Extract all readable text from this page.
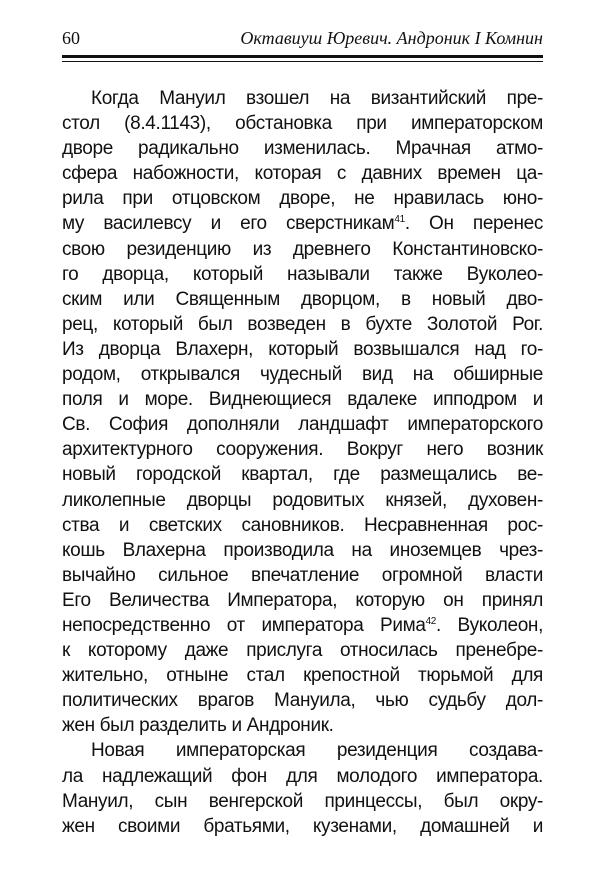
60	Октавиуш Юревич. Андроник I Комнин
Когда Мануил взошел на византийский пре-
стол (8.4.1143), обстановка при императорском
дворе радикально изменилась. Мрачная атмо-
сфера набожности, которая с давних времен ца-
рила при отцовском дворе, не нравилась юно-
му василевсу и его сверстникам$^{41}$. Он перенес
свою резиденцию из древнего Константиновско-
го дворца, который называли также Вуколео-
ским или Священным дворцом, в новый дво-
рец, который был возведен в бухте Золотой Рог.
Из дворца Влахерн, который возвышался над го-
родом, открывался чудесный вид на обширные
поля и море. Виднеющиеся вдалеке ипподром и
Св. София дополняли ландшафт императорского
архитектурного сооружения. Вокруг него возник
новый городской квартал, где размещались ве-
ликолепные дворцы родовитых князей, духовен-
ства и светских сановников. Несравненная рос-
кошь Влахерна производила на иноземцев чрез-
вычайно сильное впечатление огромной власти
Его Величества Императора, которую он принял
непосредственно от императора Рима$^{42}$. Вуколеон,
к которому даже прислуга относилась пренебре-
жительно, отныне стал крепостной тюрьмой для
политических врагов Мануила, чью судьбу дол-
жен был разделить и Андроник.
Новая императорская резиденция создава-
ла надлежащий фон для молодого императора.
Мануил, сын венгерской принцессы, был окру-
жен своими братьями, кузенами, домашней и
